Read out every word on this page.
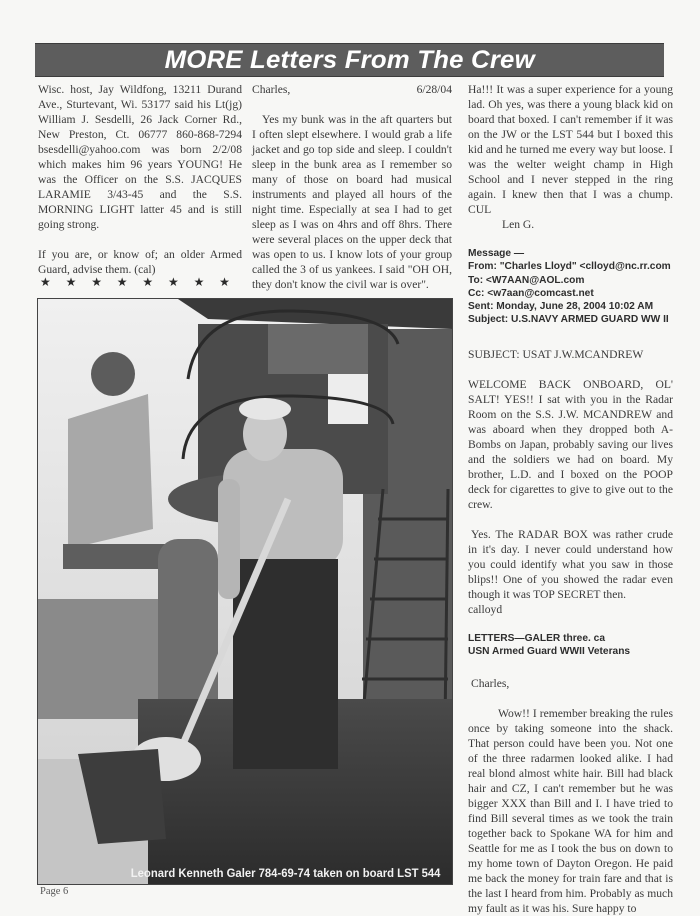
MORE Letters From The Crew

Wisc. host, Jay Wildfong, 13211 Durand Ave., Sturtevant, Wi. 53177 said his Lt(jg) William J. Sesdelli, 26 Jack Corner Rd., New Preston, Ct. 06777 860-868-7294 bsesdelli@yahoo.com was born 2/2/08 which makes him 96 years YOUNG! He was the Officer on the S.S. JACQUES LARAMIE 3/43-45 and the S.S. MORNING LIGHT latter 45 and is still going strong.

If you are, or know of; an older Armed Guard, advise them. (cal)

★ ★ ★ ★ ★ ★ ★ ★
Charles,	6/28/04

Yes my bunk was in the aft quarters but I often slept elsewhere. I would grab a life jacket and go top side and sleep. I couldn't sleep in the bunk area as I remember so many of those on board had musical instruments and played all hours of the night time. Especially at sea I had to get sleep as I was on 4hrs and off 8hrs. There were several places on the upper deck that was open to us. I know lots of your group called the 3 of us yankees. I said "OH OH, they don't know the civil war is over".

Ha!!! It was a super experience for a young lad. Oh yes, was there a young black kid on board that boxed. I can't remember if it was on the JW or the LST 544 but I boxed this kid and he turned me every way but loose. I was the welter weight champ in High School and I never stepped in the ring again. I knew then that I was a chump. CUL

Len G.

Message —
From: "Charles Lloyd" <clloyd@nc.rr.com
To: <W7AAN@AOL.com
Cc: <w7aan@comcast.net
Sent: Monday, June 28, 2004 10:02 AM
Subject: U.S.NAVY ARMED GUARD WW II

SUBJECT: USAT J.W.MCANDREW

WELCOME BACK ONBOARD, OL' SALT! YES!! I sat with you in the Radar Room on the S.S. J.W. MCANDREW and was aboard when they dropped both A-Bombs on Japan, probably saving our lives and the soldiers we had on board. My brother, L.D. and I boxed on the POOP deck for cigarettes to give to give out to the crew.

Yes. The RADAR BOX was rather crude in it's day. I never could understand how you could identify what you saw in those blips!! One of you showed the radar even though it was TOP SECRET then.

calloyd

LETTERS—GALER three. ca
USN Armed Guard WWII Veterans

Charles,

Wow!! I remember breaking the rules once by taking someone into the shack. That person could have been you. Not one of the three radarmen looked alike. I had real blond almost white hair. Bill had black hair and CZ, I can't remember but he was bigger XXX than Bill and I. I have tried to find Bill several times as we took the train together back to Spokane WA for him and Seattle for me as I took the bus on down to my home town of Dayton Oregon. He paid me back the money for train fare and that is the last I heard from him. Probably as much my fault as it was his. Sure happy to

Leonard Kenneth Galer 784-69-74 taken on board LST 544
Page 6
